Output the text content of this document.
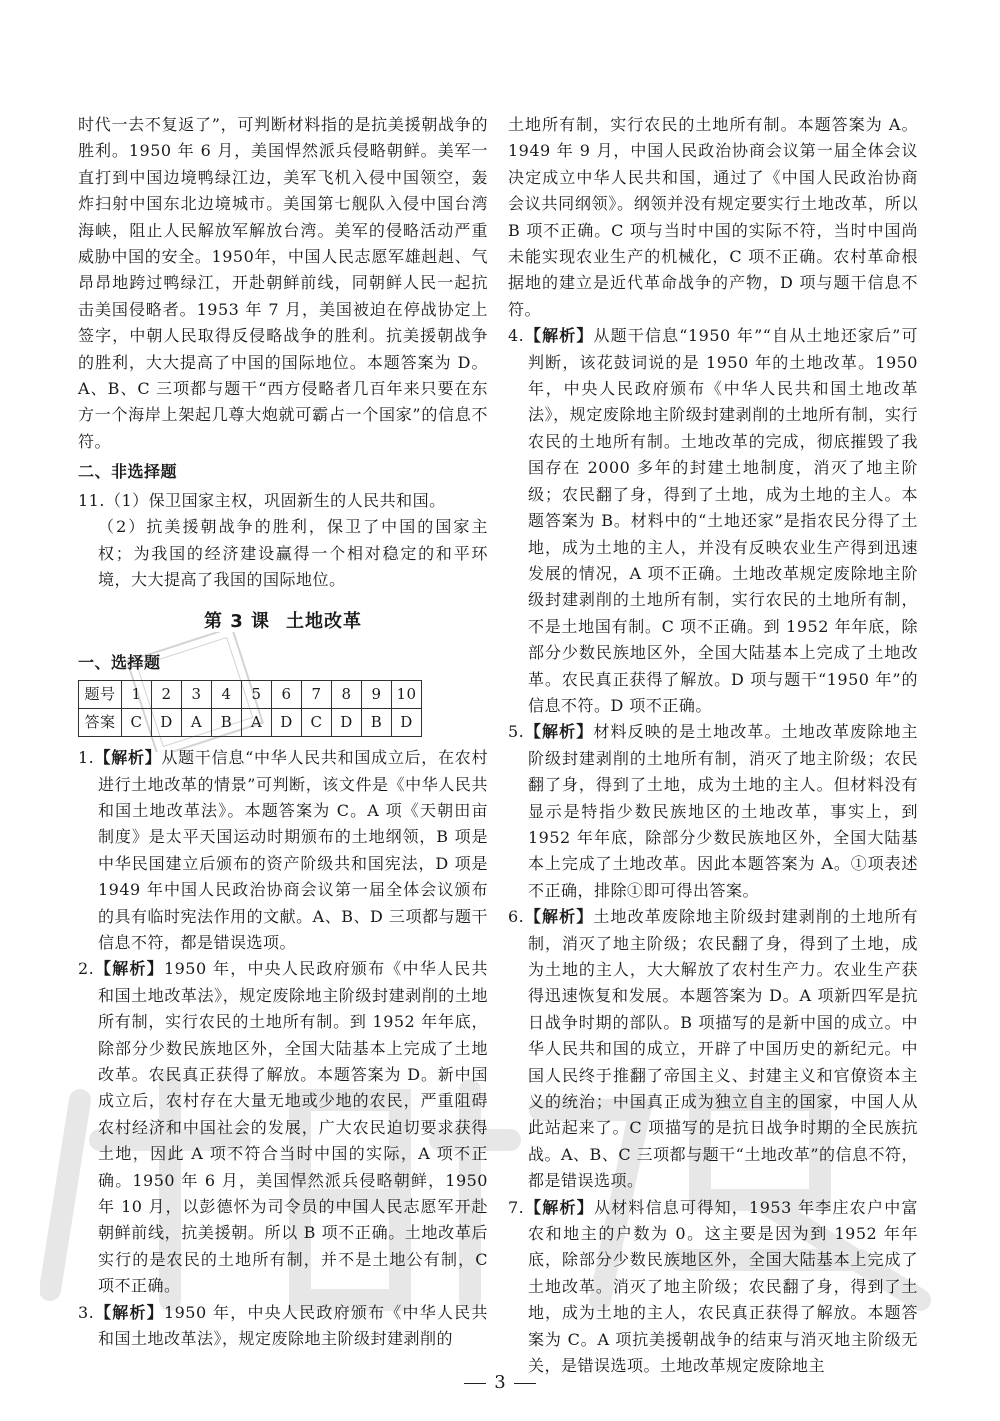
时代一去不复返了”，可判断材料指的是抗美援朝战争的胜利。1950 年 6 月，美国悍然派兵侵略朝鲜。美军一直打到中国边境鸭绿江边，美军飞机入侵中国领空，轰炸扫射中国东北边境城市。美国第七舰队入侵中国台湾海峡，阻止人民解放军解放台湾。美军的侵略活动严重威胁中国的安全。1950年，中国人民志愿军雄赳赳、气昂昂地跨过鸭绿江，开赴朝鲜前线，同朝鲜人民一起抗击美国侵略者。1953 年 7 月，美国被迫在停战协定上签字，中朝人民取得反侵略战争的胜利。抗美援朝战争的胜利，大大提高了中国的国际地位。本题答案为 D。A、B、C 三项都与题干“西方侵略者几百年来只要在东方一个海岸上架起几尊大炮就可霸占一个国家”的信息不符。
二、非选择题
11.（1）保卫国家主权，巩固新生的人民共和国。
（2）抗美援朝战争的胜利，保卫了中国的国家主权；为我国的经济建设赢得一个相对稳定的和平环境，大大提高了我国的国际地位。
第 3 课 土地改革
一、选择题
题号	1	2	3	4	5	6	7	8	9	10
答案	C	D	A	B	A	D	C	D	B	D
1.【解析】从题干信息“中华人民共和国成立后，在农村进行土地改革的情景”可判断，该文件是《中华人民共和国土地改革法》。本题答案为 C。A 项《天朝田亩制度》是太平天国运动时期颁布的土地纲领，B 项是中华民国建立后颁布的资产阶级共和国宪法，D 项是 1949 年中国人民政治协商会议第一届全体会议颁布的具有临时宪法作用的文献。A、B、D 三项都与题干信息不符，都是错误选项。
2.【解析】1950 年，中央人民政府颁布《中华人民共和国土地改革法》，规定废除地主阶级封建剥削的土地所有制，实行农民的土地所有制。到 1952 年年底，除部分少数民族地区外，全国大陆基本上完成了土地改革。农民真正获得了解放。本题答案为 D。新中国成立后，农村存在大量无地或少地的农民，严重阻碍农村经济和中国社会的发展，广大农民迫切要求获得土地，因此 A 项不符合当时中国的实际，A 项不正确。1950 年 6 月，美国悍然派兵侵略朝鲜，1950 年 10 月，以彭德怀为司令员的中国人民志愿军开赴朝鲜前线，抗美援朝。所以 B 项不正确。土地改革后实行的是农民的土地所有制，并不是土地公有制，C 项不正确。
3.【解析】1950 年，中央人民政府颁布《中华人民共和国土地改革法》，规定废除地主阶级封建剥削的
土地所有制，实行农民的土地所有制。本题答案为 A。1949 年 9 月，中国人民政治协商会议第一届全体会议决定成立中华人民共和国，通过了《中国人民政治协商会议共同纲领》。纲领并没有规定要实行土地改革，所以 B 项不正确。C 项与当时中国的实际不符，当时中国尚未能实现农业生产的机械化，C 项不正确。农村革命根据地的建立是近代革命战争的产物，D 项与题干信息不符。
4.【解析】从题干信息“1950 年”“自从土地还家后”可判断，该花鼓词说的是 1950 年的土地改革。1950 年，中央人民政府颁布《中华人民共和国土地改革法》，规定废除地主阶级封建剥削的土地所有制，实行农民的土地所有制。土地改革的完成，彻底摧毁了我国存在 2000 多年的封建土地制度，消灭了地主阶级；农民翻了身，得到了土地，成为土地的主人。本题答案为 B。材料中的“土地还家”是指农民分得了土地，成为土地的主人，并没有反映农业生产得到迅速发展的情况，A 项不正确。土地改革规定废除地主阶级封建剥削的土地所有制，实行农民的土地所有制，不是土地国有制。C 项不正确。到 1952 年年底，除部分少数民族地区外，全国大陆基本上完成了土地改革。农民真正获得了解放。D 项与题干“1950 年”的信息不符。D 项不正确。
5.【解析】材料反映的是土地改革。土地改革废除地主阶级封建剥削的土地所有制，消灭了地主阶级；农民翻了身，得到了土地，成为土地的主人。但材料没有显示是特指少数民族地区的土地改革，事实上，到 1952 年年底，除部分少数民族地区外，全国大陆基本上完成了土地改革。因此本题答案为 A。①项表述不正确，排除①即可得出答案。
6.【解析】土地改革废除地主阶级封建剥削的土地所有制，消灭了地主阶级；农民翻了身，得到了土地，成为土地的主人，大大解放了农村生产力。农业生产获得迅速恢复和发展。本题答案为 D。A 项新四军是抗日战争时期的部队。B 项描写的是新中国的成立。中华人民共和国的成立，开辟了中国历史的新纪元。中国人民终于推翻了帝国主义、封建主义和官僚资本主义的统治；中国真正成为独立自主的国家，中国人从此站起来了。C 项描写的是抗日战争时期的全民族抗战。A、B、C 三项都与题干“土地改革”的信息不符，都是错误选项。
7.【解析】从材料信息可得知，1953 年李庄农户中富农和地主的户数为 0。这主要是因为到 1952 年年底，除部分少数民族地区外，全国大陆基本上完成了土地改革。消灭了地主阶级；农民翻了身，得到了土地，成为土地的主人，农民真正获得了解放。本题答案为 C。A 项抗美援朝战争的结束与消灭地主阶级无关，是错误选项。土地改革规定废除地主
3
